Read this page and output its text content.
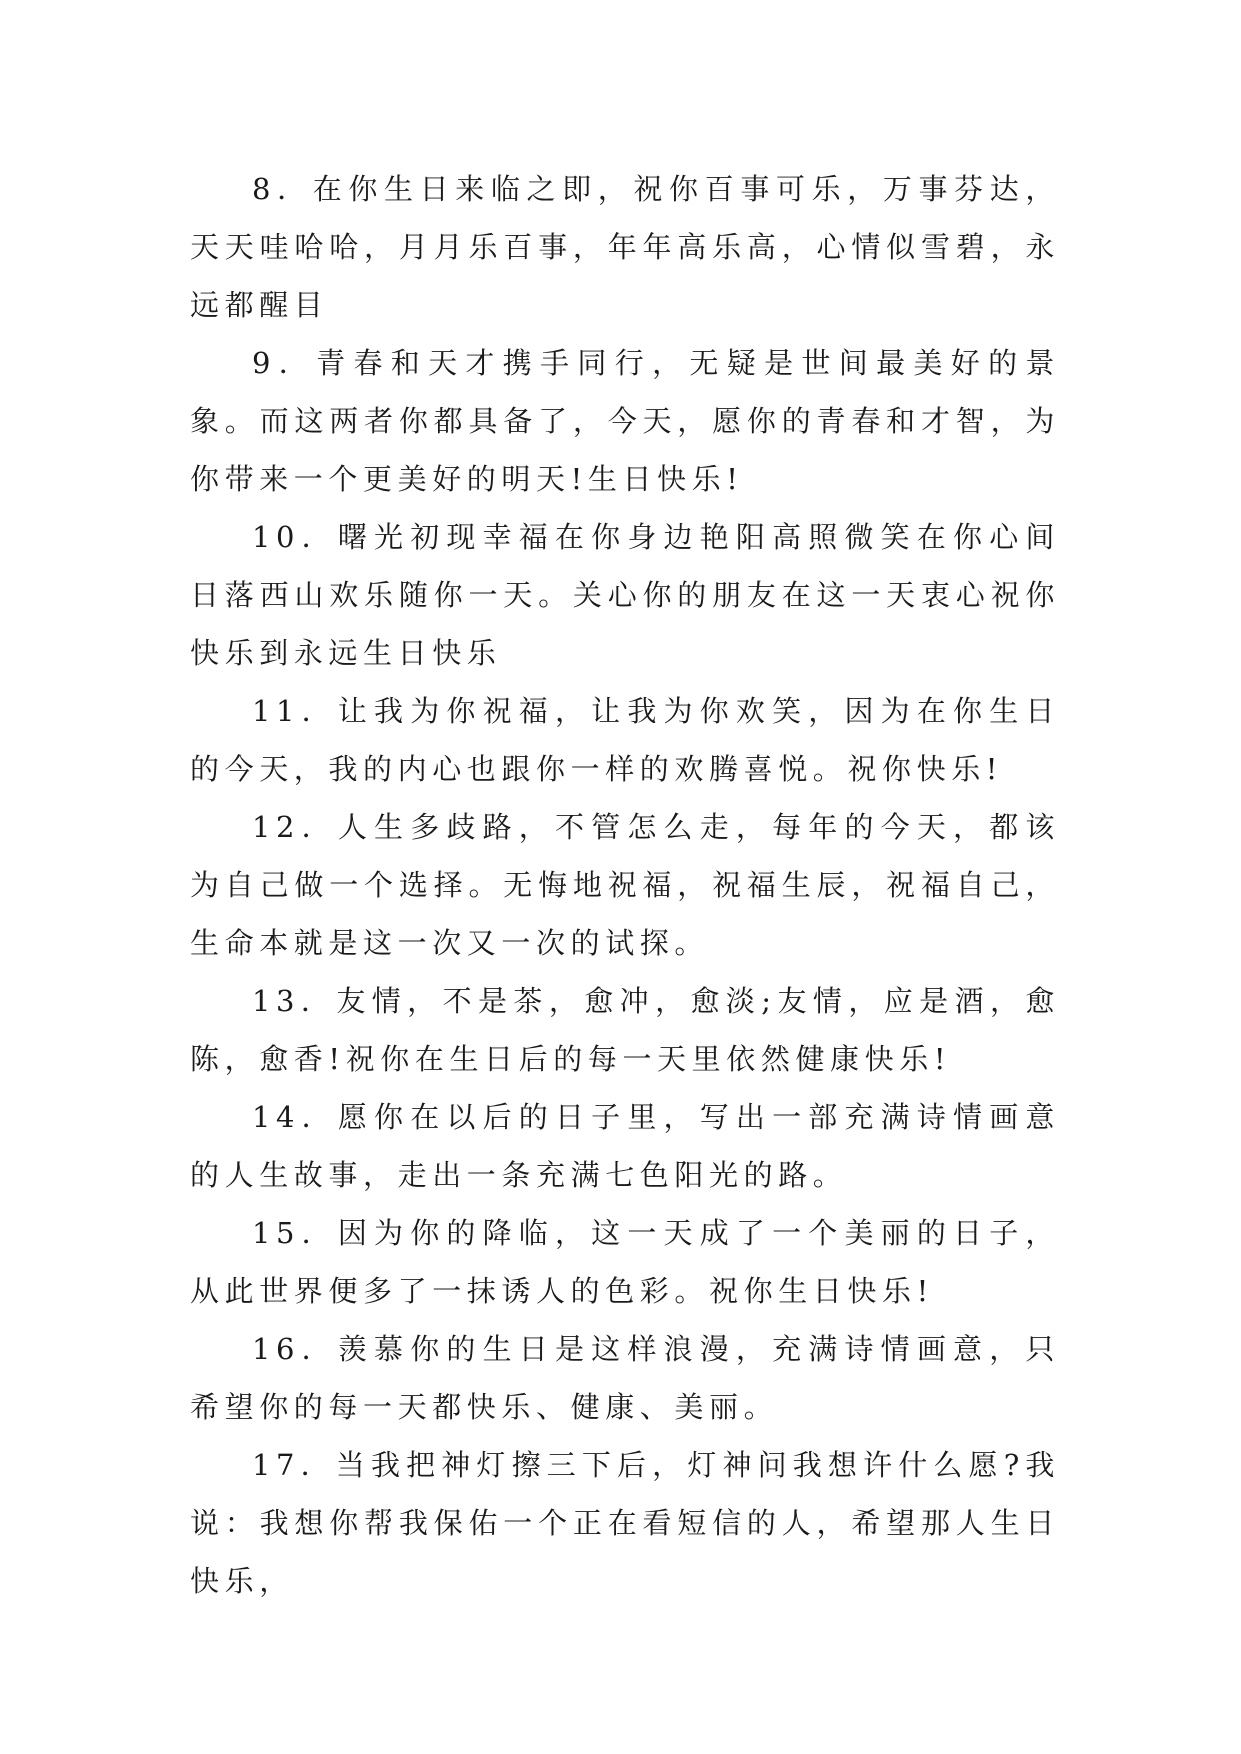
8．在你生日来临之即，祝你百事可乐，万事芬达，天天哇哈哈，月月乐百事，年年高乐高，心情似雪碧，永远都醒目

9．青春和天才携手同行，无疑是世间最美好的景象。而这两者你都具备了，今天，愿你的青春和才智，为你带来一个更美好的明天!生日快乐!

10．曙光初现幸福在你身边艳阳高照微笑在你心间日落西山欢乐随你一天。关心你的朋友在这一天衷心祝你快乐到永远生日快乐

11．让我为你祝福，让我为你欢笑，因为在你生日的今天，我的内心也跟你一样的欢腾喜悦。祝你快乐!

12．人生多歧路，不管怎么走，每年的今天，都该为自己做一个选择。无悔地祝福，祝福生辰，祝福自己，生命本就是这一次又一次的试探。

13．友情，不是茶，愈冲，愈淡;友情，应是酒，愈陈，愈香!祝你在生日后的每一天里依然健康快乐!

14．愿你在以后的日子里，写出一部充满诗情画意的人生故事，走出一条充满七色阳光的路。

15．因为你的降临，这一天成了一个美丽的日子，从此世界便多了一抹诱人的色彩。祝你生日快乐!

16．羡慕你的生日是这样浪漫，充满诗情画意，只希望你的每一天都快乐、健康、美丽。

17．当我把神灯擦三下后，灯神问我想许什么愿?我说：我想你帮我保佑一个正在看短信的人，希望那人生日快乐，
